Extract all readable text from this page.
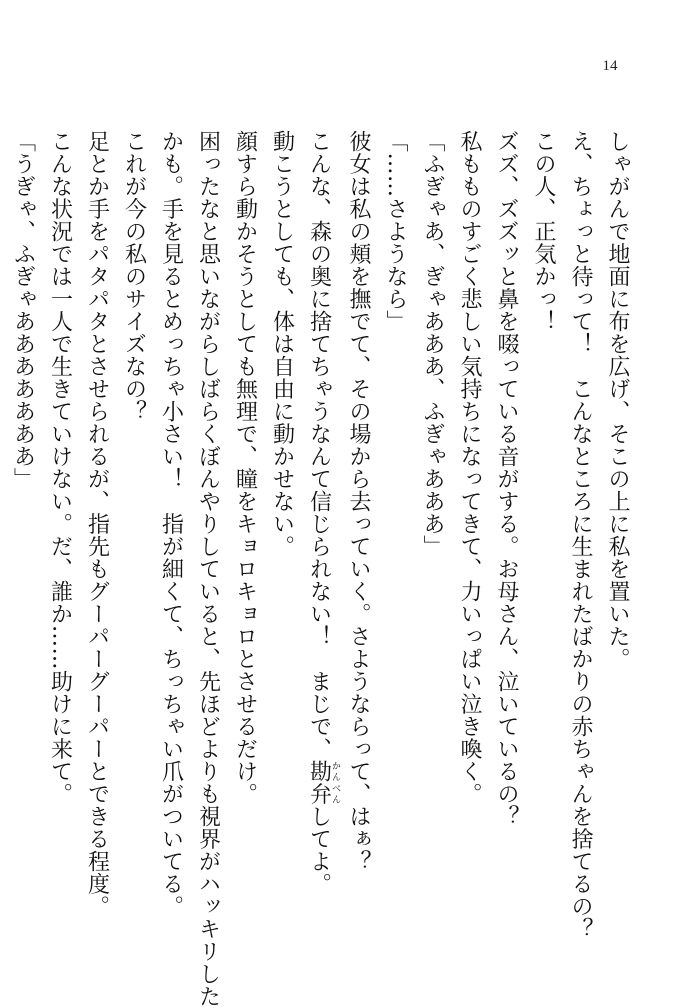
14
しゃがんで地面に布を広げ、そこの上に私を置いた。
え、ちょっと待って！　こんなところに生まれたばかりの赤ちゃんを捨てるの？
この人、正気かっ！
ズズ、ズズッと鼻を啜っている音がする。お母さん、泣いているの？
私もものすごく悲しい気持ちになってきて、力いっぱい泣き喚く。
「ふぎゃあ、ぎゃあああ、ふぎゃあああ」
「……さようなら」
彼女は私の頬を撫でて、その場から去っていく。さようならって、はぁ？
こんな、森の奥に捨てちゃうなんて信じられない！　まじで、勘弁かんべんしてよ。
動こうとしても、体は自由に動かせない。
顔すら動かそうとしても無理で、瞳をキョロキョロとさせるだけ。
困ったなと思いながらしばらくぼんやりしていると、先ほどよりも視界がハッキリした
かも。手を見るとめっちゃ小さい！　指が細くて、ちっちゃい爪がついてる。
これが今の私のサイズなの？
足とか手をパタパタとさせられるが、指先もグーパーグーパーとできる程度。
こんな状況では一人で生きていけない。だ、誰か……助けに来て。
「うぎゃ、ふぎゃあああああああ」
